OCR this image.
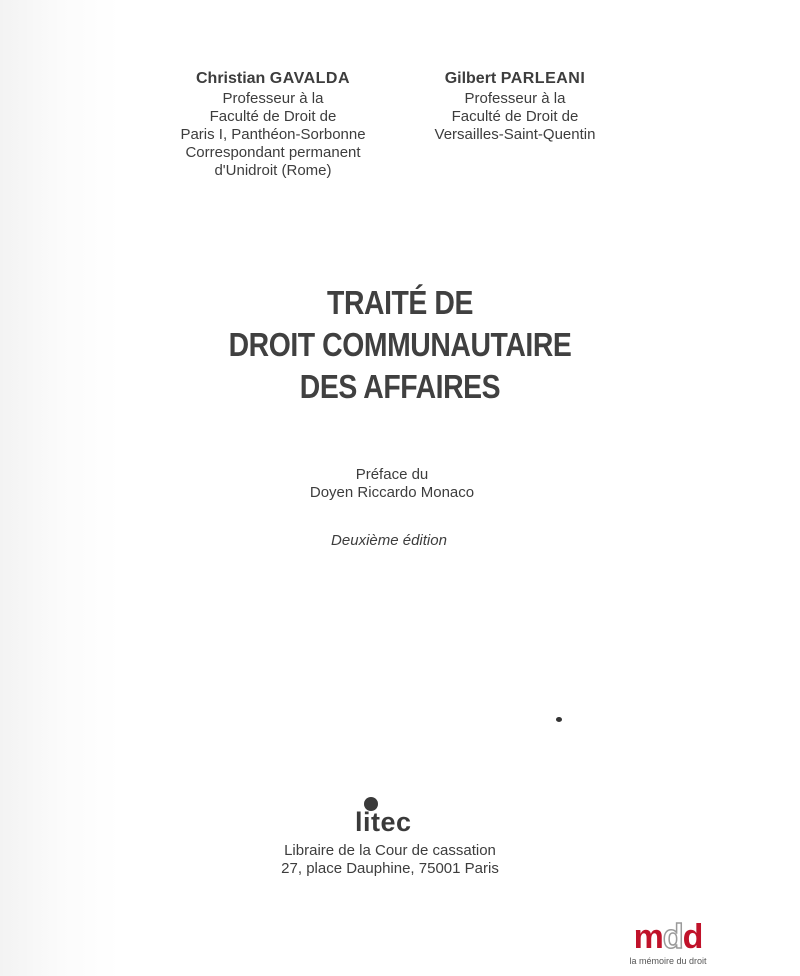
Christian GAVALDA
Professeur à la
Faculté de Droit de
Paris I, Panthéon-Sorbonne
Correspondant permanent
d'Unidroit (Rome)
Gilbert PARLEANI
Professeur à la
Faculté de Droit de
Versailles-Saint-Quentin
TRAITÉ DE
DROIT COMMUNAUTAIRE
DES AFFAIRES
Préface du
Doyen Riccardo Monaco
Deuxième édition
litec
Libraire de la Cour de cassation
27, place Dauphine, 75001 Paris
mdd
la mémoire du droit
